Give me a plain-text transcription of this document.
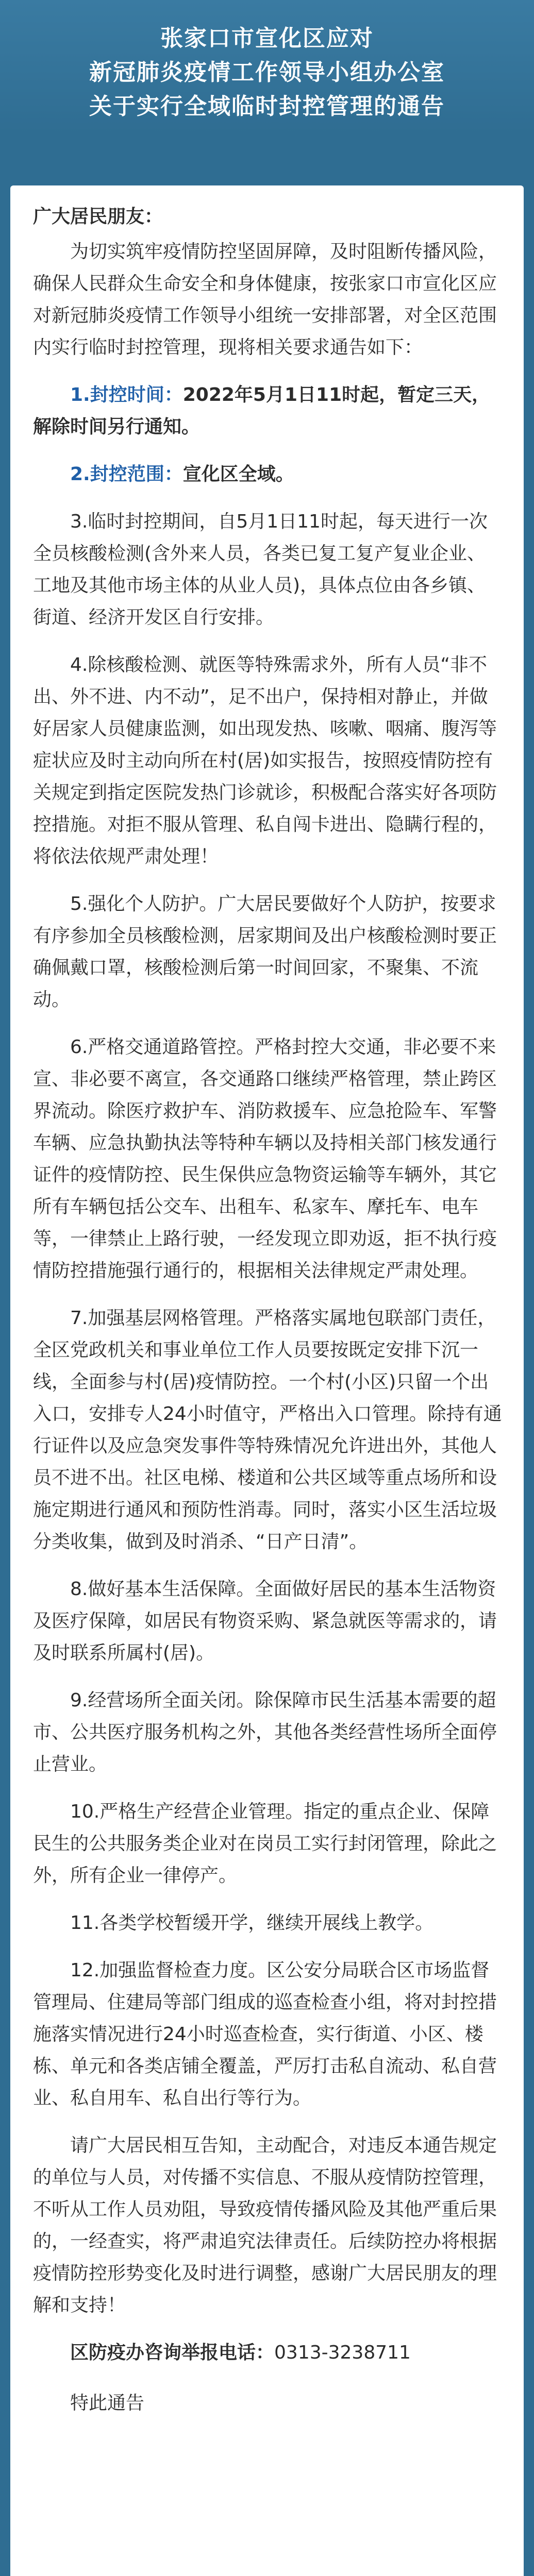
张家口市宣化区应对
新冠肺炎疫情工作领导小组办公室
关于实行全域临时封控管理的通告
广大居民朋友：

为切实筑牢疫情防控坚固屏障，及时阻断传播风险，确保人民群众生命安全和身体健康，按张家口市宣化区应对新冠肺炎疫情工作领导小组统一安排部署，对全区范围内实行临时封控管理，现将相关要求通告如下：

1.封控时间：2022年5月1日11时起，暂定三天，解除时间另行通知。

2.封控范围：宣化区全域。

3.临时封控期间，自5月1日11时起，每天进行一次全员核酸检测(含外来人员，各类已复工复产复业企业、工地及其他市场主体的从业人员)，具体点位由各乡镇、街道、经济开发区自行安排。

4.除核酸检测、就医等特殊需求外，所有人员“非不出、外不进、内不动”，足不出户，保持相对静止，并做好居家人员健康监测，如出现发热、咳嗽、咽痛、腹泻等症状应及时主动向所在村(居)如实报告，按照疫情防控有关规定到指定医院发热门诊就诊，积极配合落实好各项防控措施。对拒不服从管理、私自闯卡进出、隐瞒行程的，将依法依规严肃处理！

5.强化个人防护。广大居民要做好个人防护，按要求有序参加全员核酸检测，居家期间及出户核酸检测时要正确佩戴口罩，核酸检测后第一时间回家，不聚集、不流动。

6.严格交通道路管控。严格封控大交通，非必要不来宣、非必要不离宣，各交通路口继续严格管理，禁止跨区界流动。除医疗救护车、消防救援车、应急抢险车、军警车辆、应急执勤执法等特种车辆以及持相关部门核发通行证件的疫情防控、民生保供应急物资运输等车辆外，其它所有车辆包括公交车、出租车、私家车、摩托车、电车等，一律禁止上路行驶，一经发现立即劝返，拒不执行疫情防控措施强行通行的，根据相关法律规定严肃处理。

7.加强基层网格管理。严格落实属地包联部门责任，全区党政机关和事业单位工作人员要按既定安排下沉一线，全面参与村(居)疫情防控。一个村(小区)只留一个出入口，安排专人24小时值守，严格出入口管理。除持有通行证件以及应急突发事件等特殊情况允许进出外，其他人员不进不出。社区电梯、楼道和公共区域等重点场所和设施定期进行通风和预防性消毒。同时，落实小区生活垃圾分类收集，做到及时消杀、“日产日清”。

8.做好基本生活保障。全面做好居民的基本生活物资及医疗保障，如居民有物资采购、紧急就医等需求的，请及时联系所属村(居)。

9.经营场所全面关闭。除保障市民生活基本需要的超市、公共医疗服务机构之外，其他各类经营性场所全面停止营业。

10.严格生产经营企业管理。指定的重点企业、保障民生的公共服务类企业对在岗员工实行封闭管理，除此之外，所有企业一律停产。

11.各类学校暂缓开学，继续开展线上教学。

12.加强监督检查力度。区公安分局联合区市场监督管理局、住建局等部门组成的巡查检查小组，将对封控措施落实情况进行24小时巡查检查，实行街道、小区、楼栋、单元和各类店铺全覆盖，严厉打击私自流动、私自营业、私自用车、私自出行等行为。

请广大居民相互告知，主动配合，对违反本通告规定的单位与人员，对传播不实信息、不服从疫情防控管理，不听从工作人员劝阻，导致疫情传播风险及其他严重后果的，一经查实，将严肃追究法律责任。后续防控办将根据疫情防控形势变化及时进行调整，感谢广大居民朋友的理解和支持！

区防疫办咨询举报电话：0313-3238711

特此通告
